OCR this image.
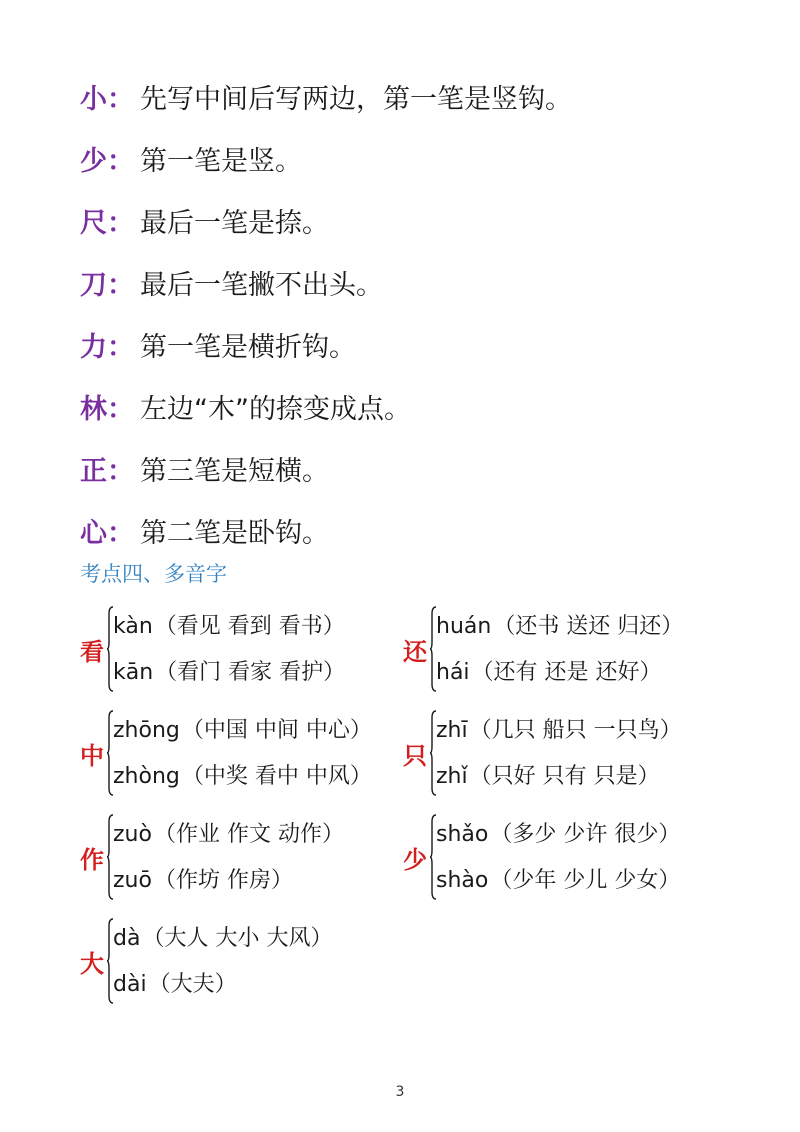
小 ： 先写中间后写两边，第一笔是竖钩。
少 ： 第一笔是竖。
尺 ： 最后一笔是捺。
刀 ： 最后一笔撇不出头。
力 ： 第一笔是横折钩。
林 ： 左边“木”的捺变成点。
正 ： 第三笔是短横。
心 ： 第二笔是卧钩。
考点四、多音字
看
kàn （看见 看到 看书）
kān （看门 看家 看护）
还
huán （还书 送还 归还）
hái （还有 还是 还好）
中
zhōng （中国 中间 中心）
zhòng （中奖 看中 中风）
只
zhī （几只 船只 一只鸟）
zhǐ （只好 只有 只是）
作
zuò （作业 作文 动作）
zuō （作坊 作房）
少
shǎo （多少 少许 很少）
shào （少年 少儿 少女）
大
dà （大人 大小 大风）
dài （大夫）
3
